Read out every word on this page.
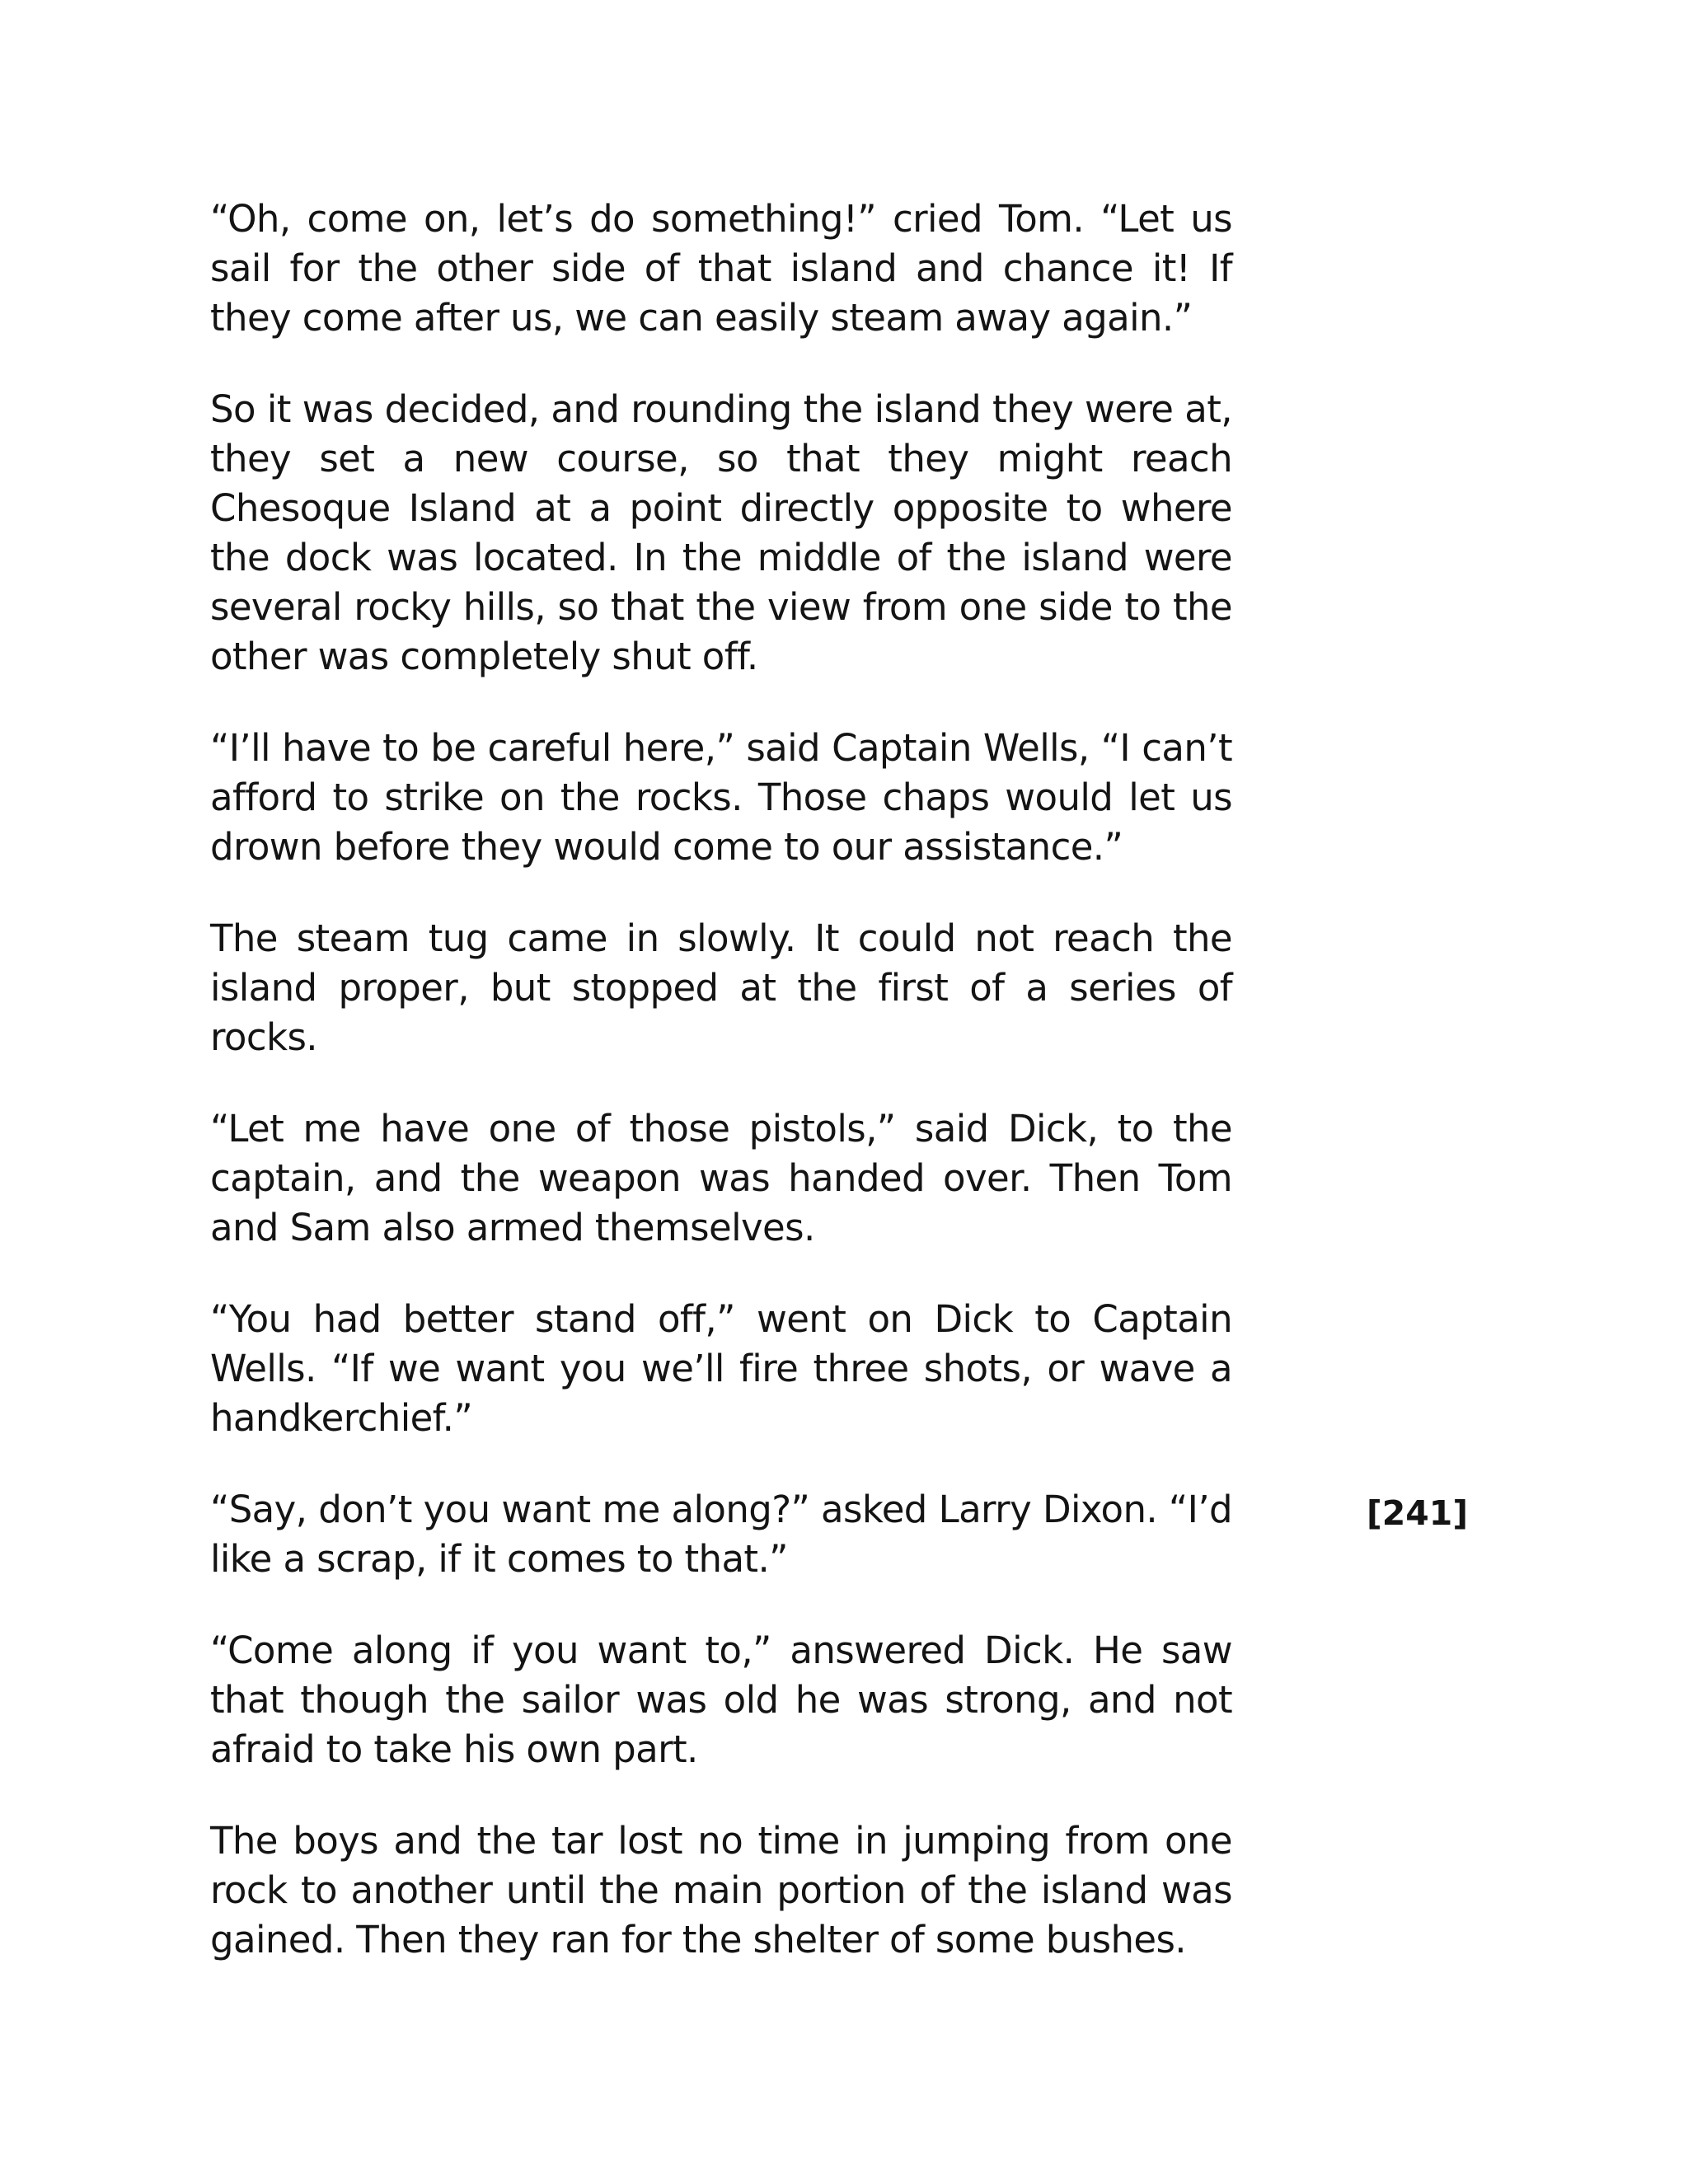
“Oh, come on, let’s do something!” cried Tom. “Let us sail for the other side of that island and chance it! If they come after us, we can easily steam away again.”

So it was decided, and rounding the island they were at, they set a new course, so that they might reach Chesoque Island at a point directly opposite to where the dock was located. In the middle of the island were several rocky hills, so that the view from one side to the other was completely shut off.

“I’ll have to be careful here,” said Captain Wells, “I can’t afford to strike on the rocks. Those chaps would let us drown before they would come to our assistance.”

The steam tug came in slowly. It could not reach the island proper, but stopped at the first of a series of rocks.

“Let me have one of those pistols,” said Dick, to the captain, and the weapon was handed over. Then Tom and Sam also armed themselves.

“You had better stand off,” went on Dick to Captain Wells. “If we want you we’ll fire three shots, or wave a handkerchief.”

“Say, don’t you want me along?” asked Larry Dixon. “I’d like a scrap, if it comes to that.”

“Come along if you want to,” answered Dick. He saw that though the sailor was old he was strong, and not afraid to take his own part.

The boys and the tar lost no time in jumping from one rock to another until the main portion of the island was gained. Then they ran for the shelter of some bushes.

[241]
